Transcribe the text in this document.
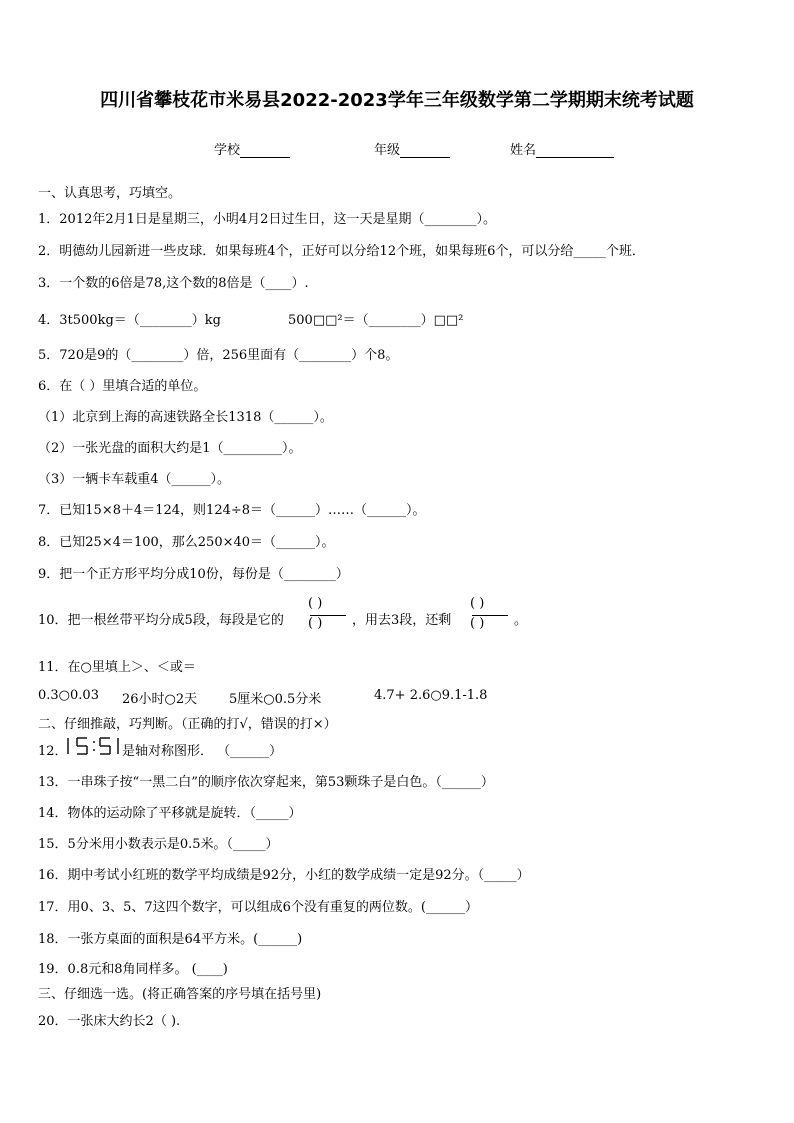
四川省攀枝花市米易县2022-2023学年三年级数学第二学期期末统考试题
学校	年级	姓名
一、认真思考，巧填空。
1．2012年2月1日是星期三，小明4月2日过生日，这一天是星期（________）。
2．明德幼儿园新进一些皮球．如果每班4个，正好可以分给12个班，如果每班6个，可以分给_____个班．
3．一个数的6倍是78,这个数的8倍是（____）.
4．3t500kg＝（________）kg	500□□²＝（________）□□²
5．720是9的（________）倍，256里面有（________）个8。
6．在（ ）里填合适的单位。
（1）北京到上海的高速铁路全长1318（______）。
（2）一张光盘的面积大约是1（_________）。
（3）一辆卡车载重4（______）。
7．已知15×8＋4＝124，则124÷8＝（______）……（______）。
8．已知25×4＝100，那么250×40＝（______）。
9．把一个正方形平均分成10份，每份是（________）
10．把一根丝带平均分成5段，每段是它的
( )
( ) ，用去3段，还剩
( )
( ) 。
11．在○里填上＞、＜或＝
0.3○0.03 26小时○2天 5厘米○0.5分米	4.7+ 2.6○9.1-1.8
二、仔细推敲，巧判断。（正确的打√，错误的打×）
12．	是轴对称图形． （______）
13．一串珠子按“一黑二白”的顺序依次穿起来，第53颗珠子是白色。（______）
14．物体的运动除了平移就是旋转．（_____）
15．5分米用小数表示是0.5米。（_____）
16．期中考试小红班的数学平均成绩是92分，小红的数学成绩一定是92分。（_____）
17．用0、3、5、7这四个数字，可以组成6个没有重复的两位数。(______）
18．一张方桌面的面积是64平方米。(______)
19．0.8元和8角同样多。 (____)
三、仔细选一选。(将正确答案的序号填在括号里)
20．一张床大约长2（ ).
